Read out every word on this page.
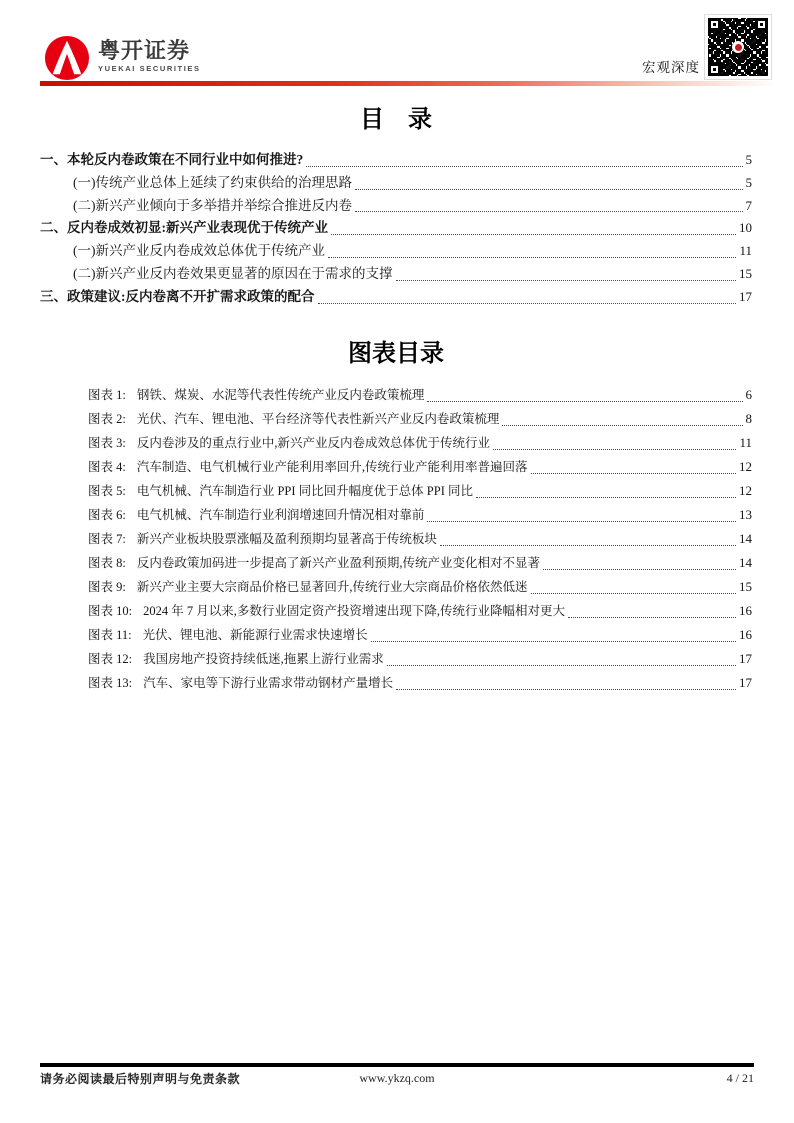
粤开证券
YUEKAI SECURITIES	宏观深度
目　录
一、本轮反内卷政策在不同行业中如何推进?	5
(一)传统产业总体上延续了约束供给的治理思路	5
(二)新兴产业倾向于多举措并举综合推进反内卷	7
二、反内卷成效初显:新兴产业表现优于传统产业	10
(一)新兴产业反内卷成效总体优于传统产业	11
(二)新兴产业反内卷效果更显著的原因在于需求的支撑	15
三、政策建议:反内卷离不开扩需求政策的配合	17
图表目录
图表 1: 钢铁、煤炭、水泥等代表性传统产业反内卷政策梳理	6
图表 2: 光伏、汽车、锂电池、平台经济等代表性新兴产业反内卷政策梳理	8
图表 3: 反内卷涉及的重点行业中,新兴产业反内卷成效总体优于传统行业	11
图表 4: 汽车制造、电气机械行业产能利用率回升,传统行业产能利用率普遍回落	12
图表 5: 电气机械、汽车制造行业 PPI 同比回升幅度优于总体 PPI 同比	12
图表 6: 电气机械、汽车制造行业利润增速回升情况相对靠前	13
图表 7: 新兴产业板块股票涨幅及盈利预期均显著高于传统板块	14
图表 8: 反内卷政策加码进一步提高了新兴产业盈利预期,传统产业变化相对不显著	14
图表 9: 新兴产业主要大宗商品价格已显著回升,传统行业大宗商品价格依然低迷	15
图表 10: 2024 年 7 月以来,多数行业固定资产投资增速出现下降,传统行业降幅相对更大	16
图表 11: 光伏、锂电池、新能源行业需求快速增长	16
图表 12: 我国房地产投资持续低迷,拖累上游行业需求	17
图表 13: 汽车、家电等下游行业需求带动钢材产量增长	17
请务必阅读最后特别声明与免责条款	www.ykzq.com	4 / 21
